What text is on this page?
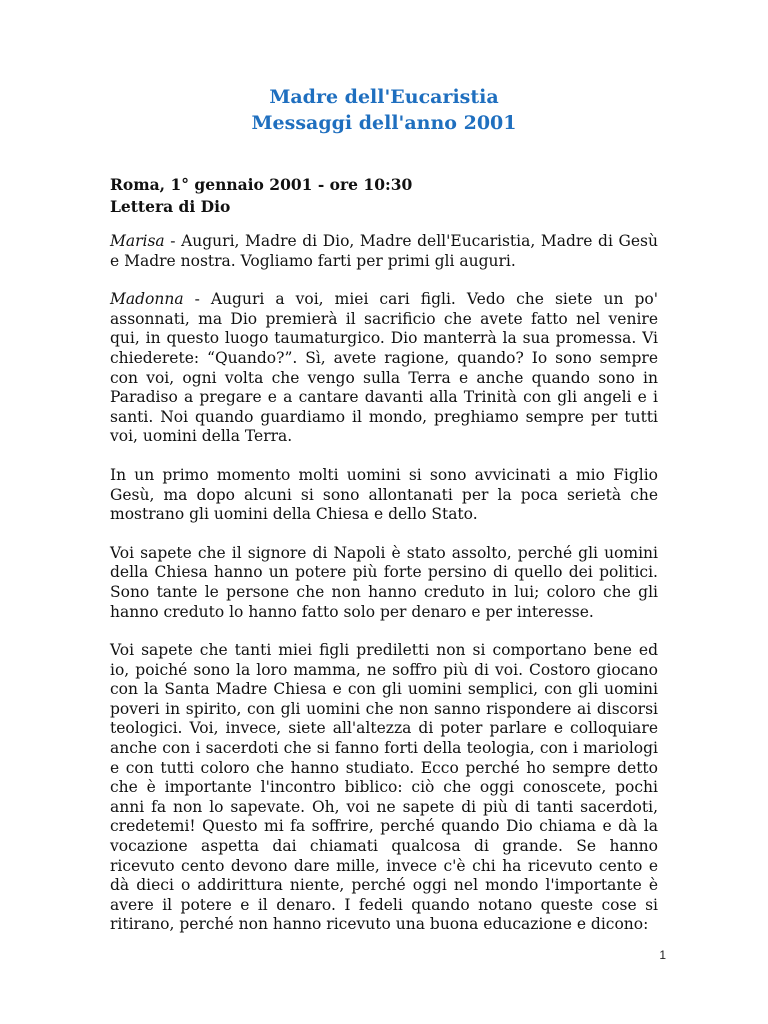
Madre dell'Eucaristia
Messaggi dell'anno 2001
Roma, 1° gennaio 2001 - ore 10:30
Lettera di Dio

Marisa - Auguri, Madre di Dio, Madre dell'Eucaristia, Madre di Gesù e Madre nostra. Vogliamo farti per primi gli auguri.

Madonna - Auguri a voi, miei cari figli. Vedo che siete un po' assonnati, ma Dio premierà il sacrificio che avete fatto nel venire qui, in questo luogo taumaturgico. Dio manterrà la sua promessa. Vi chiederete: “Quando?”. Sì, avete ragione, quando? Io sono sempre con voi, ogni volta che vengo sulla Terra e anche quando sono in Paradiso a pregare e a cantare davanti alla Trinità con gli angeli e i santi. Noi quando guardiamo il mondo, preghiamo sempre per tutti voi, uomini della Terra.

In un primo momento molti uomini si sono avvicinati a mio Figlio Gesù, ma dopo alcuni si sono allontanati per la poca serietà che mostrano gli uomini della Chiesa e dello Stato.

Voi sapete che il signore di Napoli è stato assolto, perché gli uomini della Chiesa hanno un potere più forte persino di quello dei politici. Sono tante le persone che non hanno creduto in lui; coloro che gli hanno creduto lo hanno fatto solo per denaro e per interesse.

Voi sapete che tanti miei figli prediletti non si comportano bene ed io, poiché sono la loro mamma, ne soffro più di voi. Costoro giocano con la Santa Madre Chiesa e con gli uomini semplici, con gli uomini poveri in spirito, con gli uomini che non sanno rispondere ai discorsi teologici. Voi, invece, siete all'altezza di poter parlare e colloquiare anche con i sacerdoti che si fanno forti della teologia, con i mariologi e con tutti coloro che hanno studiato. Ecco perché ho sempre detto che è importante l'incontro biblico: ciò che oggi conoscete, pochi anni fa non lo sapevate. Oh, voi ne sapete di più di tanti sacerdoti, credetemi! Questo mi fa soffrire, perché quando Dio chiama e dà la vocazione aspetta dai chiamati qualcosa di grande. Se hanno ricevuto cento devono dare mille, invece c'è chi ha ricevuto cento e dà dieci o addirittura niente, perché oggi nel mondo l'importante è avere il potere e il denaro. I fedeli quando notano queste cose si ritirano, perché non hanno ricevuto una buona educazione e dicono:

1
